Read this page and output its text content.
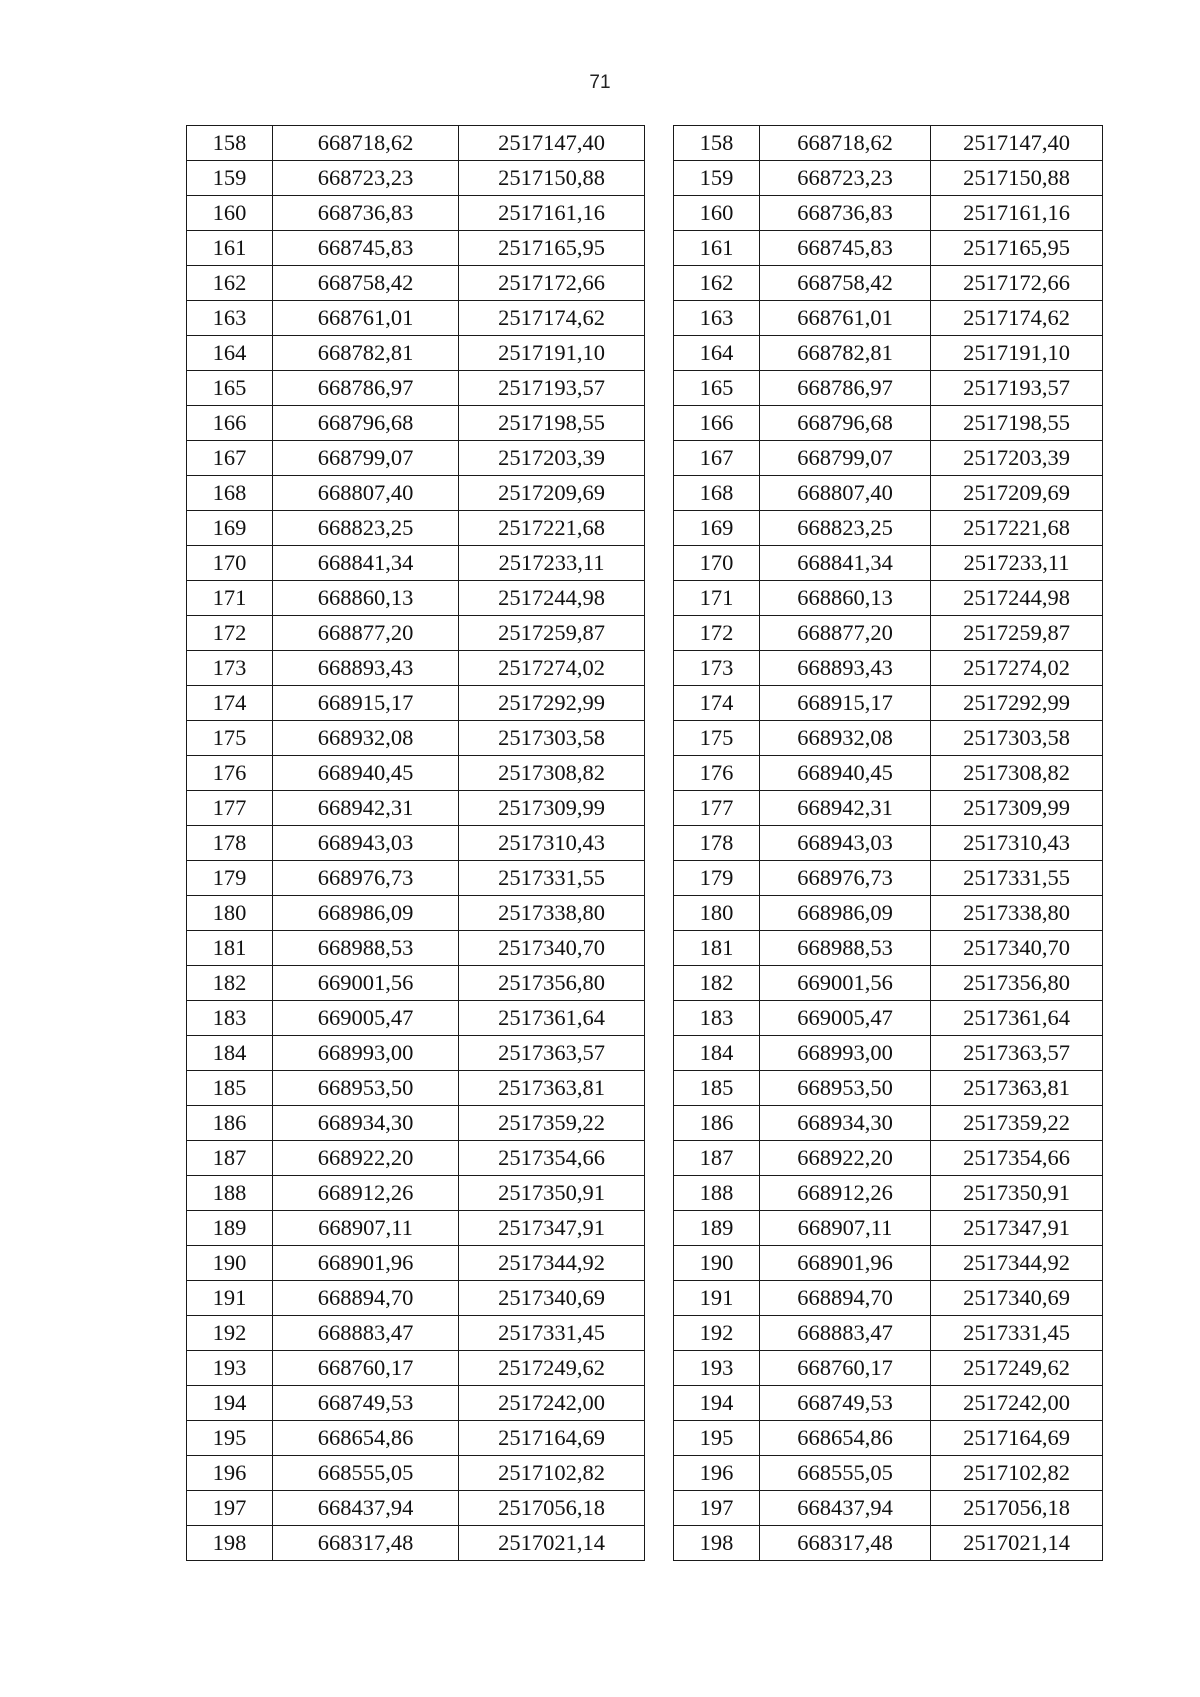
71
158	668718,62	2517147,40
159	668723,23	2517150,88
160	668736,83	2517161,16
161	668745,83	2517165,95
162	668758,42	2517172,66
163	668761,01	2517174,62
164	668782,81	2517191,10
165	668786,97	2517193,57
166	668796,68	2517198,55
167	668799,07	2517203,39
168	668807,40	2517209,69
169	668823,25	2517221,68
170	668841,34	2517233,11
171	668860,13	2517244,98
172	668877,20	2517259,87
173	668893,43	2517274,02
174	668915,17	2517292,99
175	668932,08	2517303,58
176	668940,45	2517308,82
177	668942,31	2517309,99
178	668943,03	2517310,43
179	668976,73	2517331,55
180	668986,09	2517338,80
181	668988,53	2517340,70
182	669001,56	2517356,80
183	669005,47	2517361,64
184	668993,00	2517363,57
185	668953,50	2517363,81
186	668934,30	2517359,22
187	668922,20	2517354,66
188	668912,26	2517350,91
189	668907,11	2517347,91
190	668901,96	2517344,92
191	668894,70	2517340,69
192	668883,47	2517331,45
193	668760,17	2517249,62
194	668749,53	2517242,00
195	668654,86	2517164,69
196	668555,05	2517102,82
197	668437,94	2517056,18
198	668317,48	2517021,14
158	668718,62	2517147,40
159	668723,23	2517150,88
160	668736,83	2517161,16
161	668745,83	2517165,95
162	668758,42	2517172,66
163	668761,01	2517174,62
164	668782,81	2517191,10
165	668786,97	2517193,57
166	668796,68	2517198,55
167	668799,07	2517203,39
168	668807,40	2517209,69
169	668823,25	2517221,68
170	668841,34	2517233,11
171	668860,13	2517244,98
172	668877,20	2517259,87
173	668893,43	2517274,02
174	668915,17	2517292,99
175	668932,08	2517303,58
176	668940,45	2517308,82
177	668942,31	2517309,99
178	668943,03	2517310,43
179	668976,73	2517331,55
180	668986,09	2517338,80
181	668988,53	2517340,70
182	669001,56	2517356,80
183	669005,47	2517361,64
184	668993,00	2517363,57
185	668953,50	2517363,81
186	668934,30	2517359,22
187	668922,20	2517354,66
188	668912,26	2517350,91
189	668907,11	2517347,91
190	668901,96	2517344,92
191	668894,70	2517340,69
192	668883,47	2517331,45
193	668760,17	2517249,62
194	668749,53	2517242,00
195	668654,86	2517164,69
196	668555,05	2517102,82
197	668437,94	2517056,18
198	668317,48	2517021,14
